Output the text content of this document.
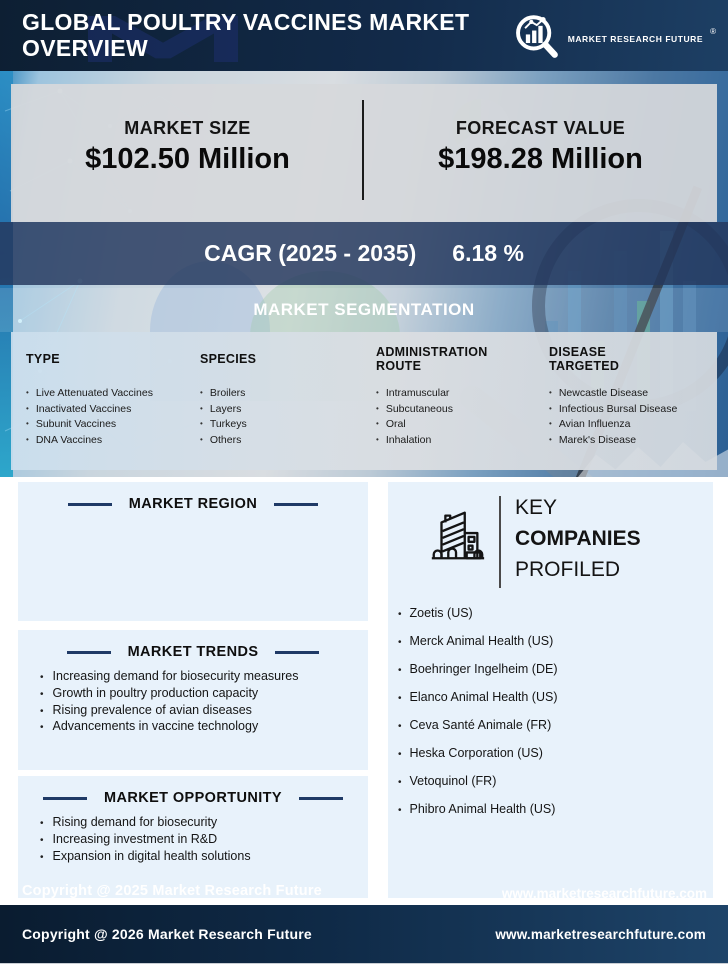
GLOBAL POULTRY VACCINES MARKET
OVERVIEW	MARKET RESEARCH FUTURE
®
MARKET SIZE
$102.50 Million
FORECAST VALUE
$198.28 Million
CAGR (2025 - 2035) 6.18 %
MARKET SEGMENTATION
TYPE
• Live Attenuated Vaccines
• Inactivated Vaccines
• Subunit Vaccines
• DNA Vaccines
SPECIES
• Broilers
• Layers
• Turkeys
• Others
ADMINISTRATION ROUTE
• Intramuscular
• Subcutaneous
• Oral
• Inhalation
DISEASE TARGETED
• Newcastle Disease
• Infectious Bursal Disease
• Avian Influenza
• Marek's Disease
MARKET REGION
MARKET TRENDS
• Increasing demand for biosecurity measures
• Growth in poultry production capacity
• Rising prevalence of avian diseases
• Advancements in vaccine technology
MARKET OPPORTUNITY
• Rising demand for biosecurity
• Increasing investment in R&D
• Expansion in digital health solutions
KEY
COMPANIES
PROFILED
• Zoetis (US)
• Merck Animal Health (US)
• Boehringer Ingelheim (DE)
• Elanco Animal Health (US)
• Ceva Santé Animale (FR)
• Heska Corporation (US)
• Vetoquinol (FR)
• Phibro Animal Health (US)
Copyright @ 2025 Market Research Future	www.marketresearchfuture.com
Copyright @ 2026 Market Research Future	www.marketresearchfuture.com
